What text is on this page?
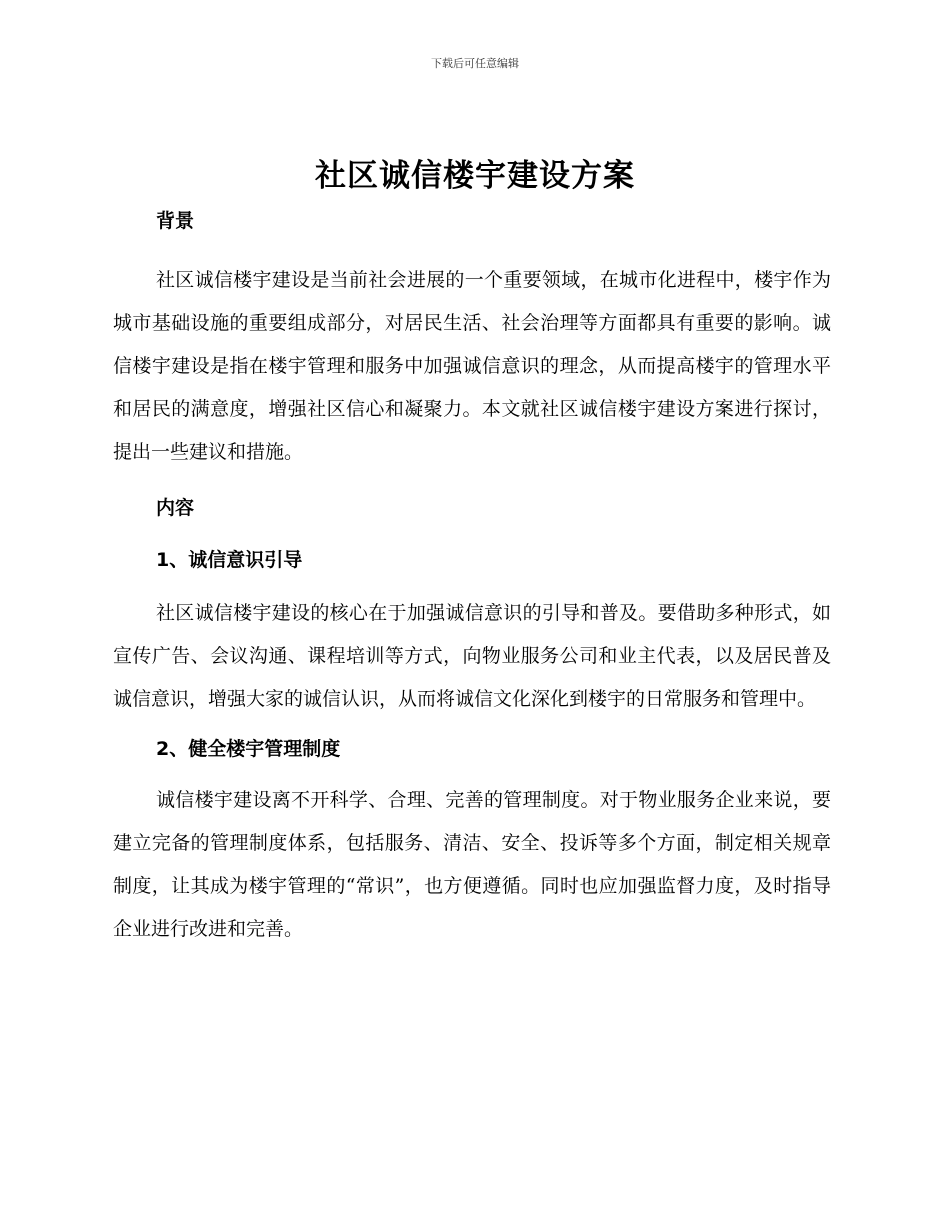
下载后可任意编辑
社区诚信楼宇建设方案
背景

社区诚信楼宇建设是当前社会进展的一个重要领域，在城市化进程中，楼宇作为城市基础设施的重要组成部分，对居民生活、社会治理等方面都具有重要的影响。诚信楼宇建设是指在楼宇管理和服务中加强诚信意识的理念，从而提高楼宇的管理水平和居民的满意度，增强社区信心和凝聚力。本文就社区诚信楼宇建设方案进行探讨，提出一些建议和措施。

内容
1、诚信意识引导

社区诚信楼宇建设的核心在于加强诚信意识的引导和普及。要借助多种形式，如宣传广告、会议沟通、课程培训等方式，向物业服务公司和业主代表，以及居民普及诚信意识，增强大家的诚信认识，从而将诚信文化深化到楼宇的日常服务和管理中。

2、健全楼宇管理制度

诚信楼宇建设离不开科学、合理、完善的管理制度。对于物业服务企业来说，要建立完备的管理制度体系，包括服务、清洁、安全、投诉等多个方面，制定相关规章制度，让其成为楼宇管理的“常识”，也方便遵循。同时也应加强监督力度，及时指导企业进行改进和完善。
